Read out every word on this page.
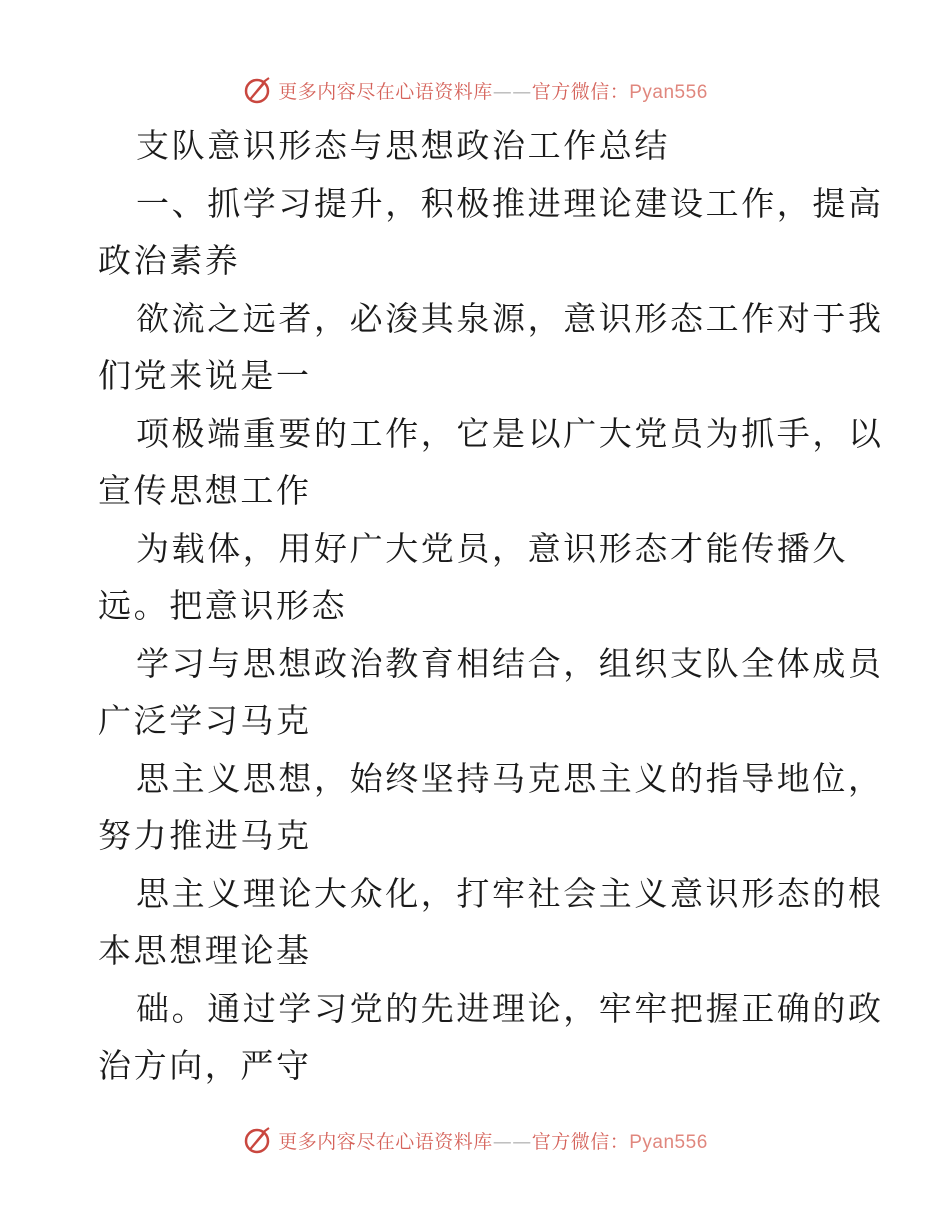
更多内容尽在心语资料库——官方微信：Pyan556
支队意识形态与思想政治工作总结
一、抓学习提升，积极推进理论建设工作，提高
政治素养
欲流之远者，必浚其泉源，意识形态工作对于我
们党来说是一
项极端重要的工作，它是以广大党员为抓手，以
宣传思想工作
为载体，用好广大党员，意识形态才能传播久
远。把意识形态
学习与思想政治教育相结合，组织支队全体成员
广泛学习马克
思主义思想，始终坚持马克思主义的指导地位，
努力推进马克
思主义理论大众化，打牢社会主义意识形态的根
本思想理论基
础。通过学习党的先进理论，牢牢把握正确的政
治方向，严守
更多内容尽在心语资料库——官方微信：Pyan556
